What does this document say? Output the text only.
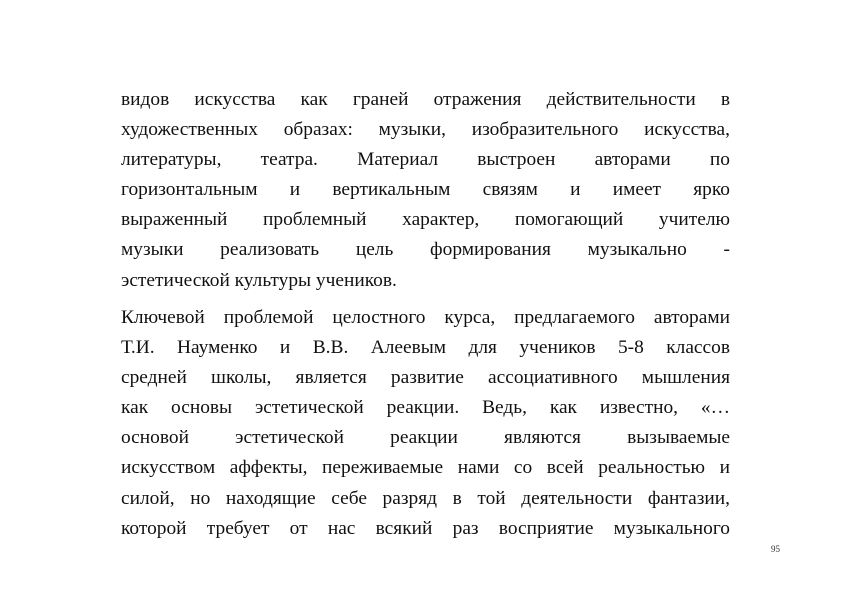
видов искусства как граней отражения действительности в
художественных образах: музыки, изобразительного искусства,
литературы, театра. Материал выстроен авторами по
горизонтальным и вертикальным связям и имеет ярко
выраженный проблемный характер, помогающий учителю
музыки реализовать цель формирования музыкально -
эстетической культуры учеников.
Ключевой проблемой целостного курса, предлагаемого авторами
Т.И. Науменко и В.В. Алеевым для учеников 5-8 классов
средней школы, является развитие ассоциативного мышления
как основы эстетической реакции. Ведь, как известно, «…
основой эстетической реакции являются вызываемые
искусством аффекты, переживаемые нами со всей реальностью и
силой, но находящие себе разряд в той деятельности фантазии,
которой требует от нас всякий раз восприятие музыкального
95
